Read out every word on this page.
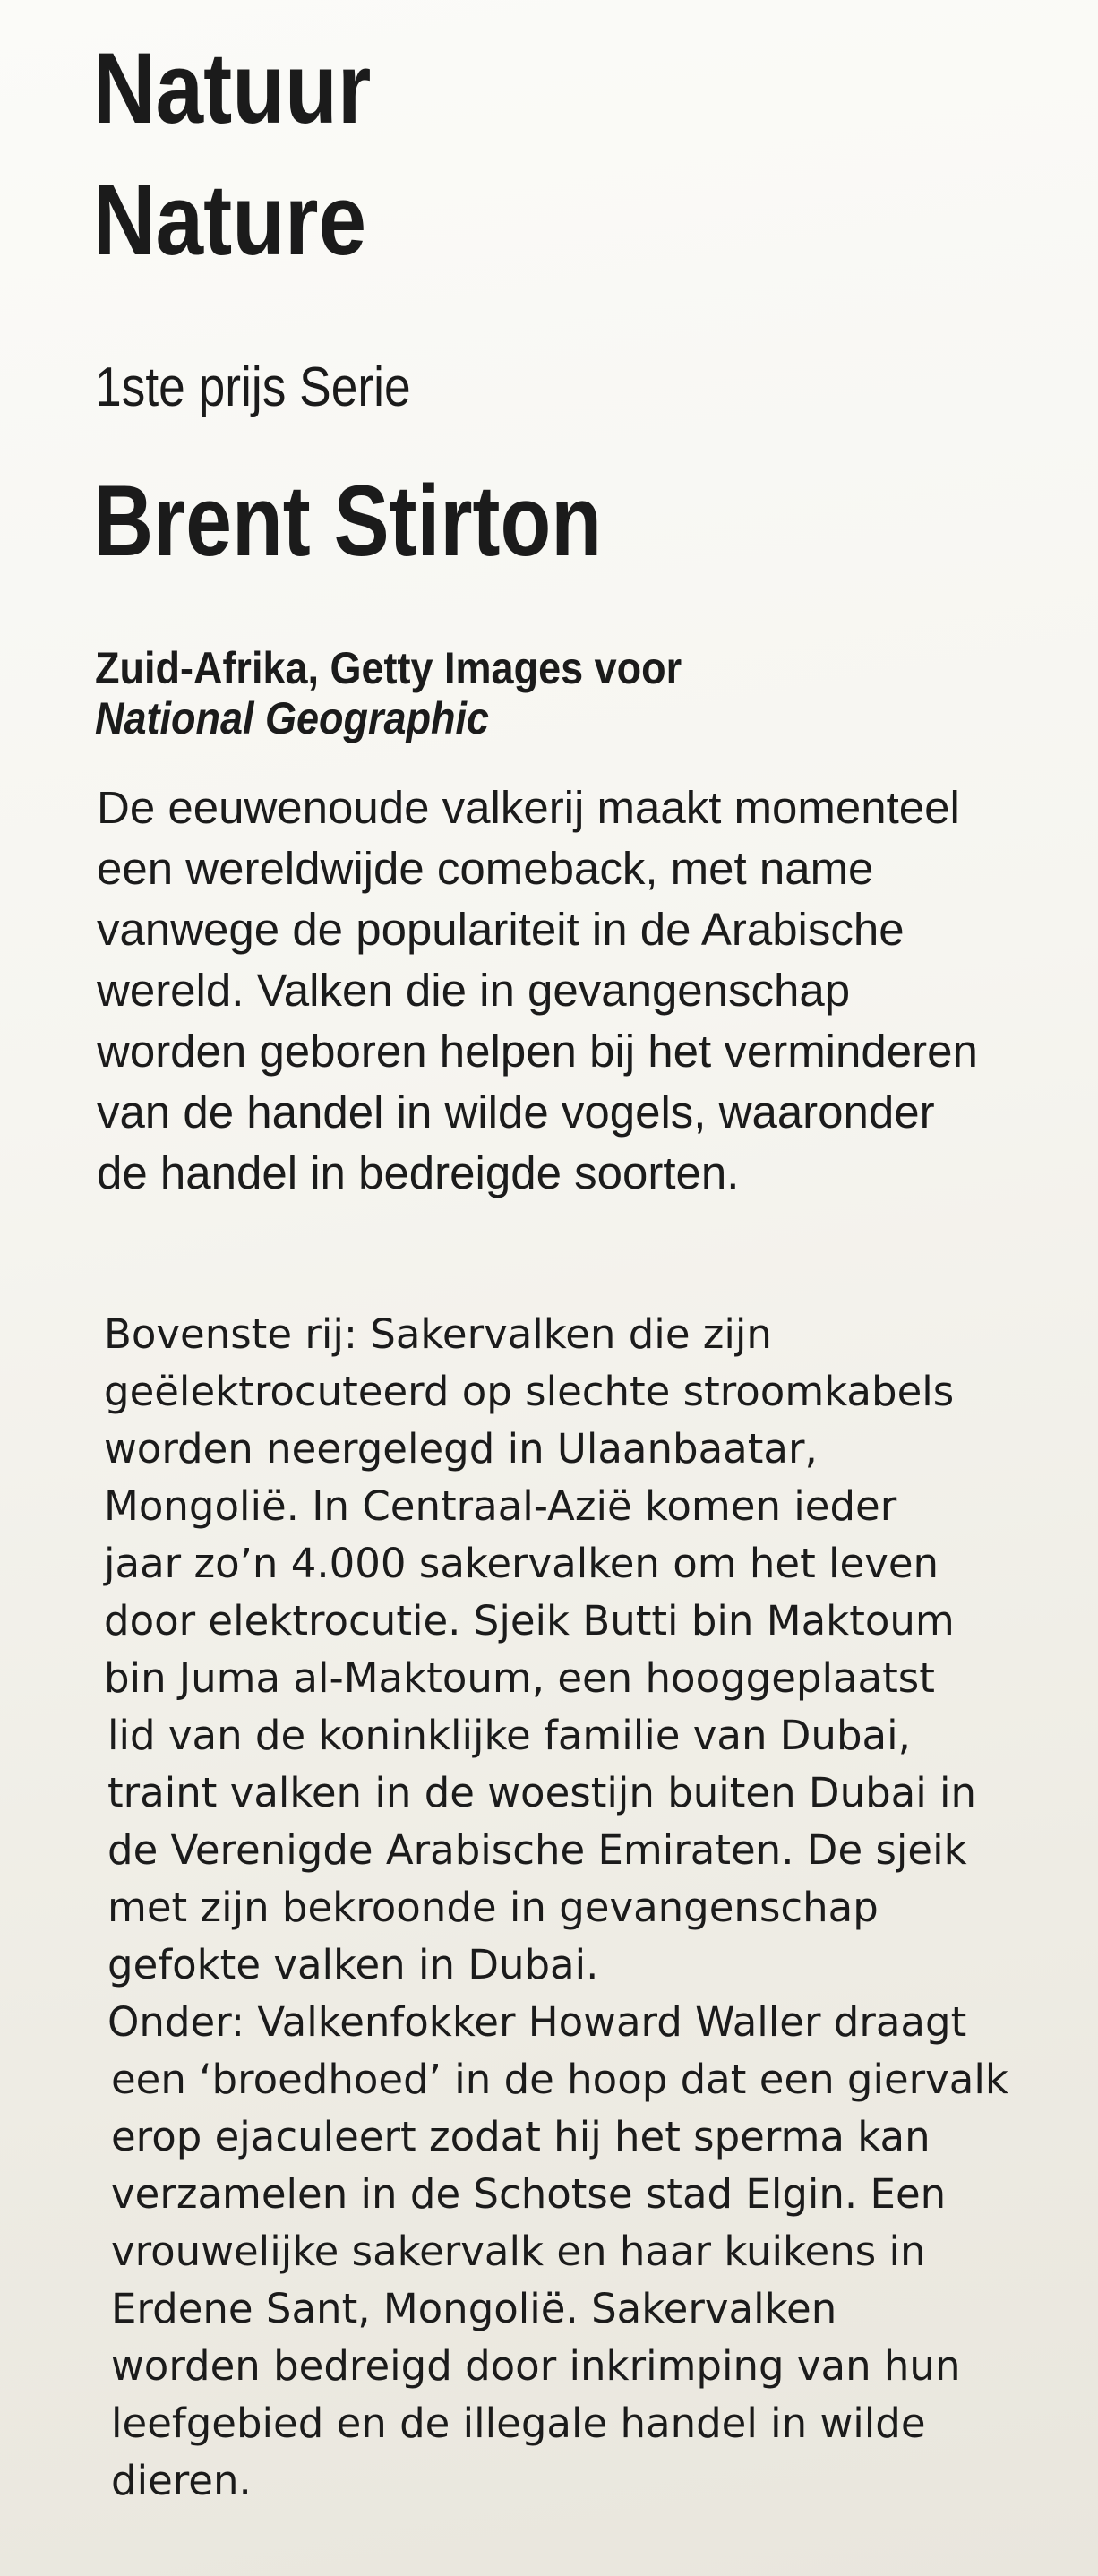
Natuur
Nature
1ste prijs Serie
Brent Stirton
Zuid-Afrika, Getty Images voor
National Geographic
De eeuwenoude valkerij maakt momenteel
een wereldwijde comeback, met name
vanwege de populariteit in de Arabische
wereld. Valken die in gevangenschap
worden geboren helpen bij het verminderen
van de handel in wilde vogels, waaronder
de handel in bedreigde soorten.
Bovenste rij: Sakervalken die zijn
geëlektrocuteerd op slechte stroomkabels
worden neergelegd in Ulaanbaatar,
Mongolië. In Centraal-Azië komen ieder
jaar zo’n 4.000 sakervalken om het leven
door elektrocutie. Sjeik Butti bin Maktoum
bin Juma al-Maktoum, een hooggeplaatst
lid van de koninklijke familie van Dubai,
traint valken in de woestijn buiten Dubai in
de Verenigde Arabische Emiraten. De sjeik
met zijn bekroonde in gevangenschap
gefokte valken in Dubai.
Onder: Valkenfokker Howard Waller draagt
een ‘broedhoed’ in de hoop dat een giervalk
erop ejaculeert zodat hij het sperma kan
verzamelen in de Schotse stad Elgin. Een
vrouwelijke sakervalk en haar kuikens in
Erdene Sant, Mongolië. Sakervalken
worden bedreigd door inkrimping van hun
leefgebied en de illegale handel in wilde
dieren.
